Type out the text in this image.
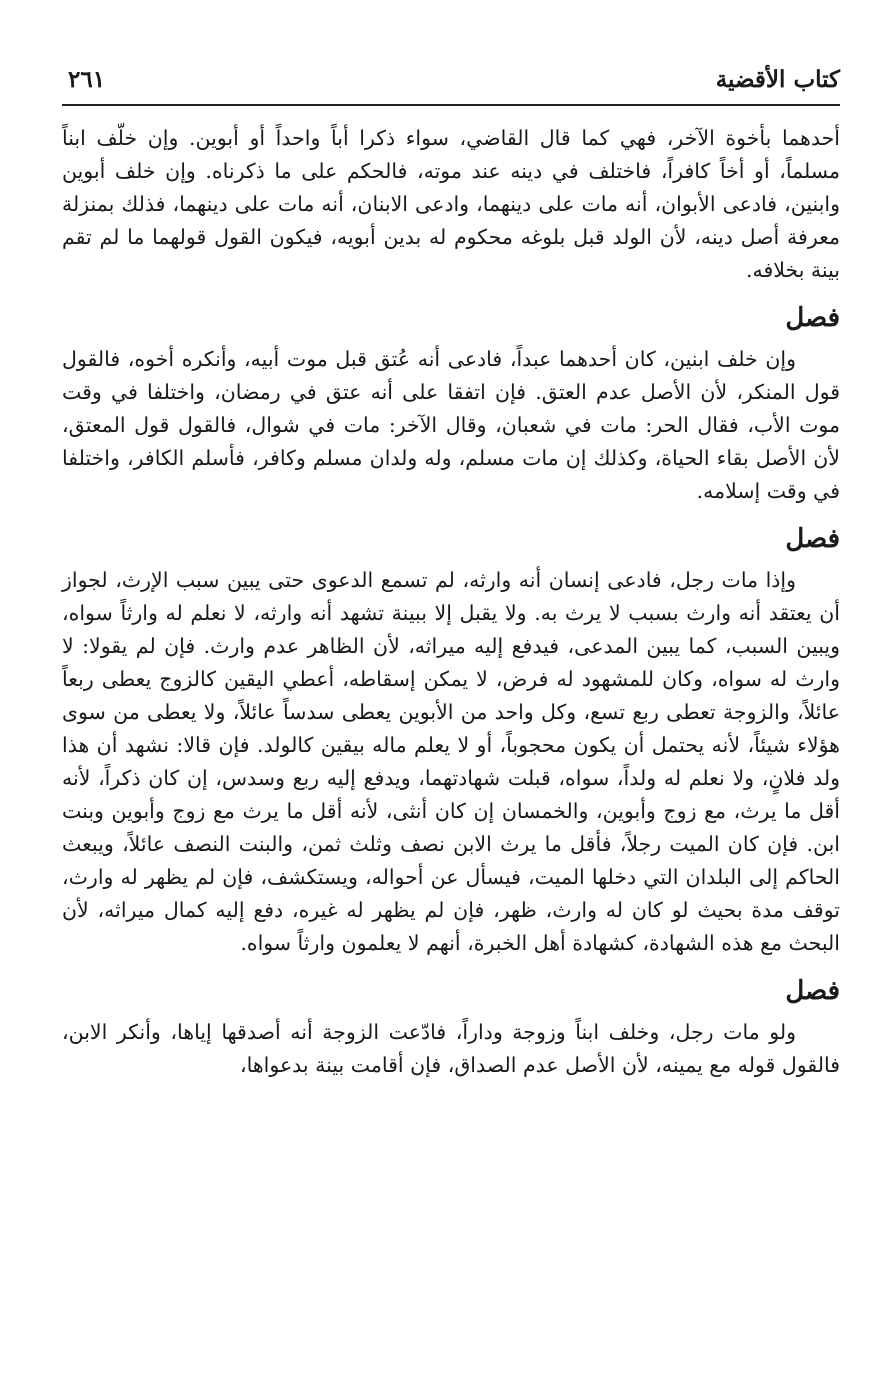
كتاب الأقضية
٢٦١

أحدهما بأخوة الآخر، فهي كما قال القاضي، سواء ذكرا أباً واحداً أو أبوين. وإن خلّف ابناً مسلماً، أو أخاً كافراً، فاختلف في دينه عند موته، فالحكم على ما ذكرناه. وإن خلف أبوين وابنين، فادعى الأبوان، أنه مات على دينهما، وادعى الابنان، أنه مات على دينهما، فذلك بمنزلة معرفة أصل دينه، لأن الولد قبل بلوغه محكوم له بدين أبويه، فيكون القول قولهما ما لم تقم بينة بخلافه.

فصل

وإن خلف ابنين، كان أحدهما عبداً، فادعى أنه عُتق قبل موت أبيه، وأنكره أخوه، فالقول قول المنكر، لأن الأصل عدم العتق. فإن اتفقا على أنه عتق في رمضان، واختلفا في وقت موت الأب، فقال الحر: مات في شعبان، وقال الآخر: مات في شوال، فالقول قول المعتق، لأن الأصل بقاء الحياة، وكذلك إن مات مسلم، وله ولدان مسلم وكافر، فأسلم الكافر، واختلفا في وقت إسلامه.

فصل

وإذا مات رجل، فادعى إنسان أنه وارثه، لم تسمع الدعوى حتى يبين سبب الإرث، لجواز أن يعتقد أنه وارث بسبب لا يرث به. ولا يقبل إلا ببينة تشهد أنه وارثه، لا نعلم له وارثاً سواه، ويبين السبب، كما يبين المدعى، فيدفع إليه ميراثه، لأن الظاهر عدم وارث. فإن لم يقولا: لا وارث له سواه، وكان للمشهود له فرض، لا يمكن إسقاطه، أعطي اليقين كالزوج يعطى ربعاً عائلاً، والزوجة تعطى ربع تسع، وكل واحد من الأبوين يعطى سدساً عائلاً، ولا يعطى من سوى هؤلاء شيئاً، لأنه يحتمل أن يكون محجوباً، أو لا يعلم ماله بيقين كالولد. فإن قالا: نشهد أن هذا ولد فلانٍ، ولا نعلم له ولداً، سواه، قبلت شهادتهما، ويدفع إليه ربع وسدس، إن كان ذكراً، لأنه أقل ما يرث، مع زوج وأبوين، والخمسان إن كان أنثى، لأنه أقل ما يرث مع زوج وأبوين وبنت ابن. فإن كان الميت رجلاً، فأقل ما يرث الابن نصف وثلث ثمن، والبنت النصف عائلاً، ويبعث الحاكم إلى البلدان التي دخلها الميت، فيسأل عن أحواله، ويستكشف، فإن لم يظهر له وارث، توقف مدة بحيث لو كان له وارث، ظهر، فإن لم يظهر له غيره، دفع إليه كمال ميراثه، لأن البحث مع هذه الشهادة، كشهادة أهل الخبرة، أنهم لا يعلمون وارثاً سواه.

فصل

ولو مات رجل، وخلف ابناً وزوجة وداراً، فادّعت الزوجة أنه أصدقها إياها، وأنكر الابن، فالقول قوله مع يمينه، لأن الأصل عدم الصداق، فإن أقامت بينة بدعواها،
